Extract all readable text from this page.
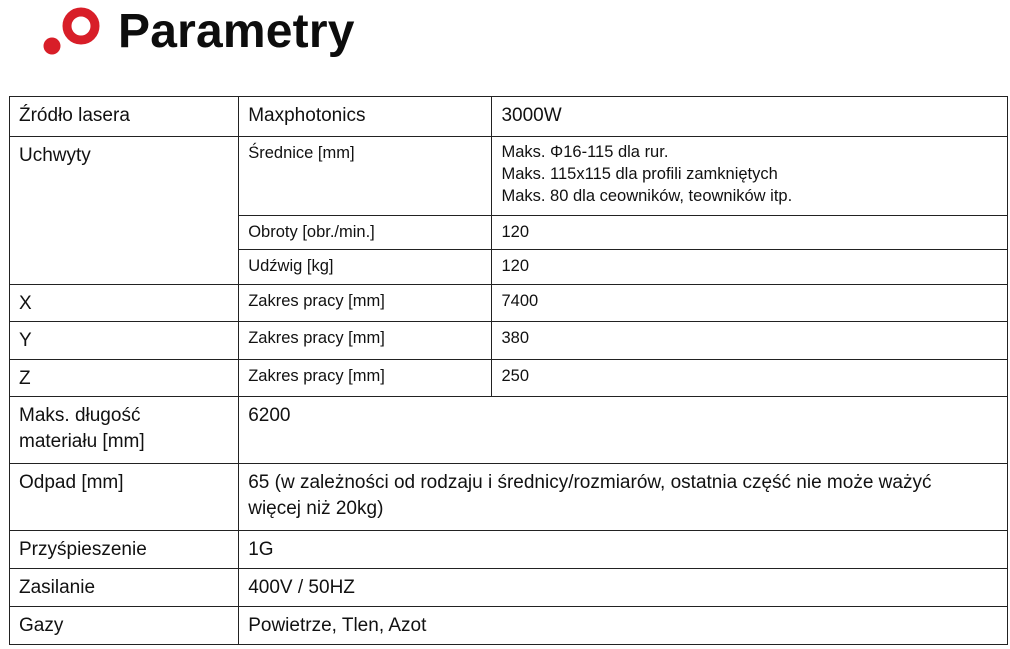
Parametry
Źródło lasera	Maxphotonics	3000W
Uchwyty	Średnice [mm]	Maks. Φ16-115 dla rur.
Maks. 115x115 dla profili zamkniętych
Maks. 80 dla ceowników, teowników itp.

	Obroty [obr./min.]	120
	Udźwig [kg]	120
X	Zakres pracy [mm]	7400
Y	Zakres pracy [mm]	380
Z	Zakres pracy [mm]	250

Maks. długość
materiału [mm]	6200	
Odpad [mm]	65 (w zależności od rodzaju i średnicy/rozmiarów, ostatnia część nie może ważyć
więcej niż 20kg)	

Przyśpieszenie	1G	
Zasilanie	400V / 50HZ	
Gazy	Powietrze, Tlen, Azot	
